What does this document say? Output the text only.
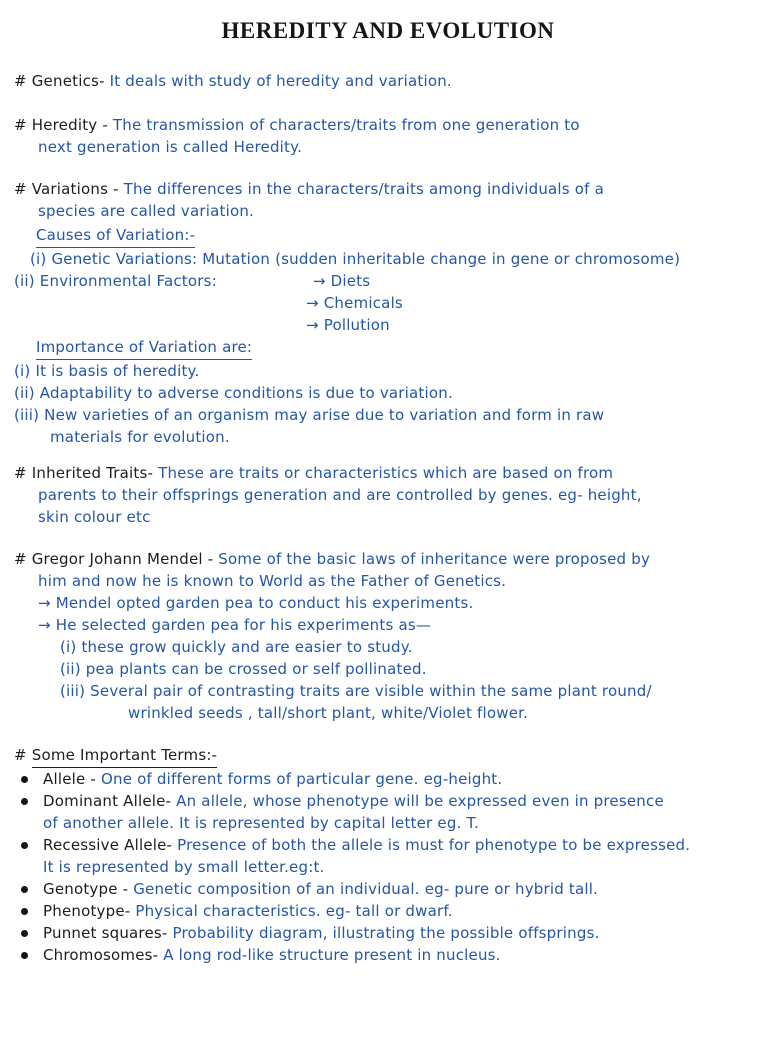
HEREDITY AND EVOLUTION
# Genetics- It deals with study of heredity and variation.
# Heredity - The transmission of characters/traits from one generation to
next generation is called Heredity.
# Variations - The differences in the characters/traits among individuals of a
species are called variation.
Causes of Variation:-
(i) Genetic Variations: Mutation (sudden inheritable change in gene or chromosome)
(ii) Environmental Factors:	→ Diets
→ Chemicals
→ Pollution
Importance of Variation are:
(i) It is basis of heredity.
(ii) Adaptability to adverse conditions is due to variation.
(iii) New varieties of an organism may arise due to variation and form in raw
materials for evolution.
# Inherited Traits- These are traits or characteristics which are based on from
parents to their offsprings generation and are controlled by genes. eg- height,
skin colour etc
# Gregor Johann Mendel - Some of the basic laws of inheritance were proposed by
him and now he is known to World as the Father of Genetics.
→ Mendel opted garden pea to conduct his experiments.
→ He selected garden pea for his experiments as—
(i) these grow quickly and are easier to study.
(ii) pea plants can be crossed or self pollinated.
(iii) Several pair of contrasting traits are visible within the same plant round/
wrinkled seeds , tall/short plant, white/Violet flower.
# Some Important Terms:-
Allele - One of different forms of particular gene. eg-height.
Dominant Allele- An allele, whose phenotype will be expressed even in presence
of another allele. It is represented by capital letter eg. T.
Recessive Allele- Presence of both the allele is must for phenotype to be expressed.
It is represented by small letter.eg:t.
Genotype - Genetic composition of an individual. eg- pure or hybrid tall.
Phenotype- Physical characteristics. eg- tall or dwarf.
Punnet squares- Probability diagram, illustrating the possible offsprings.
Chromosomes- A long rod-like structure present in nucleus.
